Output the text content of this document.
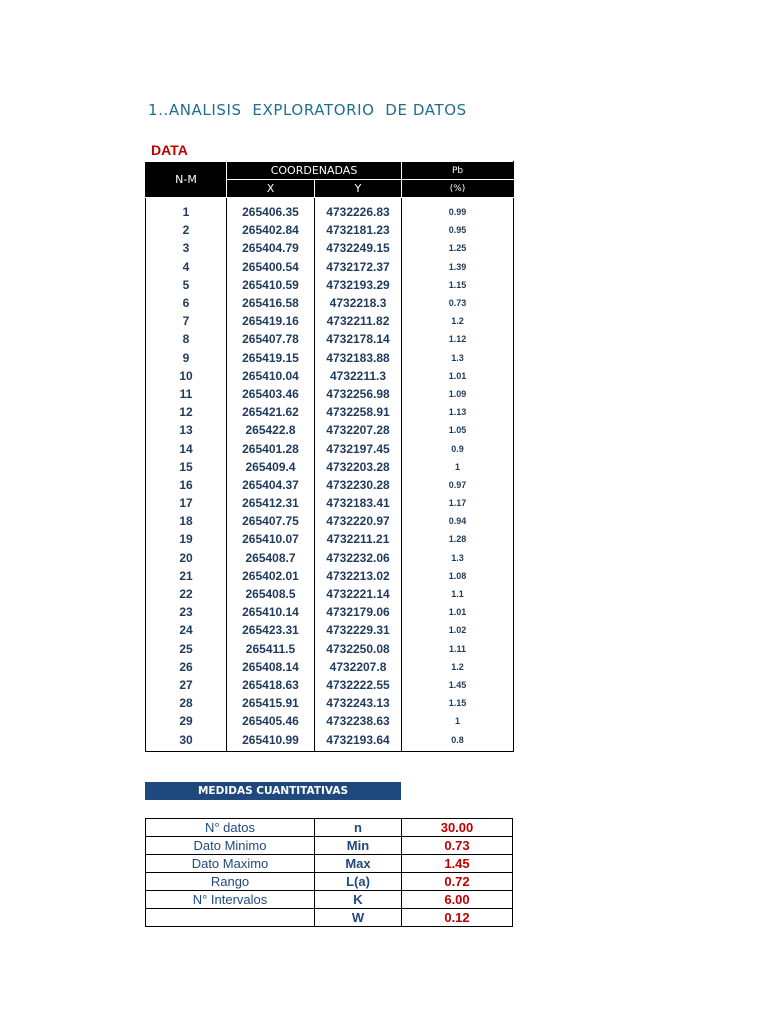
1..ANALISIS  EXPLORATORIO  DE DATOS
DATA
N-M	COORDENADAS		Pb
	X	Y	(%)

1	265406.35	4732226.83	0.99
2	265402.84	4732181.23	0.95
3	265404.79	4732249.15	1.25
4	265400.54	4732172.37	1.39
5	265410.59	4732193.29	1.15
6	265416.58	4732218.3	0.73
7	265419.16	4732211.82	1.2
8	265407.78	4732178.14	1.12
9	265419.15	4732183.88	1.3
10	265410.04	4732211.3	1.01
11	265403.46	4732256.98	1.09
12	265421.62	4732258.91	1.13
13	265422.8	4732207.28	1.05
14	265401.28	4732197.45	0.9
15	265409.4	4732203.28	1
16	265404.37	4732230.28	0.97
17	265412.31	4732183.41	1.17
18	265407.75	4732220.97	0.94
19	265410.07	4732211.21	1.28
20	265408.7	4732232.06	1.3
21	265402.01	4732213.02	1.08
22	265408.5	4732221.14	1.1
23	265410.14	4732179.06	1.01
24	265423.31	4732229.31	1.02
25	265411.5	4732250.08	1.11
26	265408.14	4732207.8	1.2
27	265418.63	4732222.55	1.45
28	265415.91	4732243.13	1.15
29	265405.46	4732238.63	1
30	265410.99	4732193.64	0.8
MEDIDAS CUANTITATIVAS
N° datos	n	30.00
Dato Minimo	Min	0.73
Dato Maximo	Max	1.45
Rango	L(a)	0.72
N° Intervalos	K	6.00
	W	0.12
